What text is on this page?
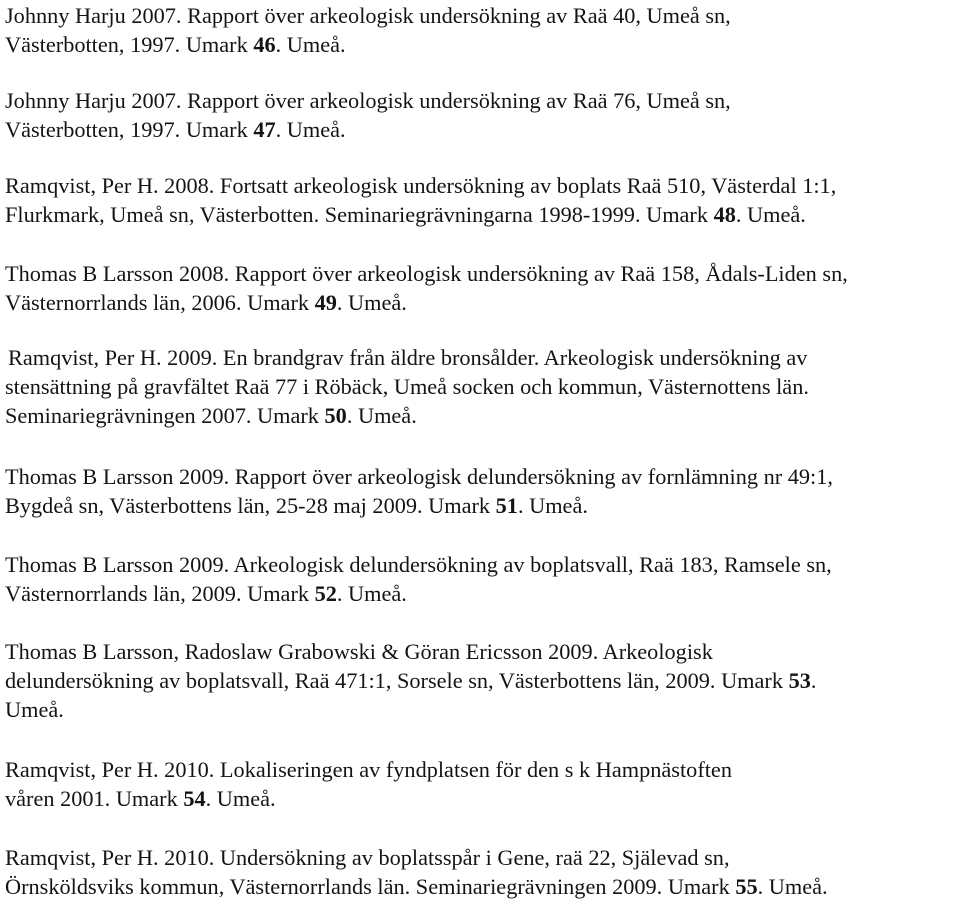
Johnny Harju 2007. Rapport över arkeologisk undersökning av Raä 40, Umeå sn,
Västerbotten, 1997. Umark 46. Umeå.
Johnny Harju 2007. Rapport över arkeologisk undersökning av Raä 76, Umeå sn,
Västerbotten, 1997. Umark 47. Umeå.
Ramqvist, Per H. 2008. Fortsatt arkeologisk undersökning av boplats Raä 510, Västerdal 1:1,
Flurkmark, Umeå sn, Västerbotten. Seminariegrävningarna 1998-1999. Umark 48. Umeå.
Thomas B Larsson 2008. Rapport över arkeologisk undersökning av Raä 158, Ådals-Liden sn,
Västernorrlands län, 2006. Umark 49. Umeå.
Ramqvist, Per H. 2009. En brandgrav från äldre bronsålder. Arkeologisk undersökning av
stensättning på gravfältet Raä 77 i Röbäck, Umeå socken och kommun, Västernottens län.
Seminariegrävningen 2007. Umark 50. Umeå.
Thomas B Larsson 2009. Rapport över arkeologisk delundersökning av fornlämning nr 49:1,
Bygdeå sn, Västerbottens län, 25-28 maj 2009. Umark 51. Umeå.
Thomas B Larsson 2009. Arkeologisk delundersökning av boplatsvall, Raä 183, Ramsele sn,
Västernorrlands län, 2009. Umark 52. Umeå.
Thomas B Larsson, Radoslaw Grabowski & Göran Ericsson 2009. Arkeologisk
delundersökning av boplatsvall, Raä 471:1, Sorsele sn, Västerbottens län, 2009. Umark 53.
Umeå.
Ramqvist, Per H. 2010. Lokaliseringen av fyndplatsen för den s k Hampnästoften
våren 2001. Umark 54. Umeå.
Ramqvist, Per H. 2010. Undersökning av boplatsspår i Gene, raä 22, Själevad sn,
Örnsköldsviks kommun, Västernorrlands län. Seminariegrävningen 2009. Umark 55. Umeå.
